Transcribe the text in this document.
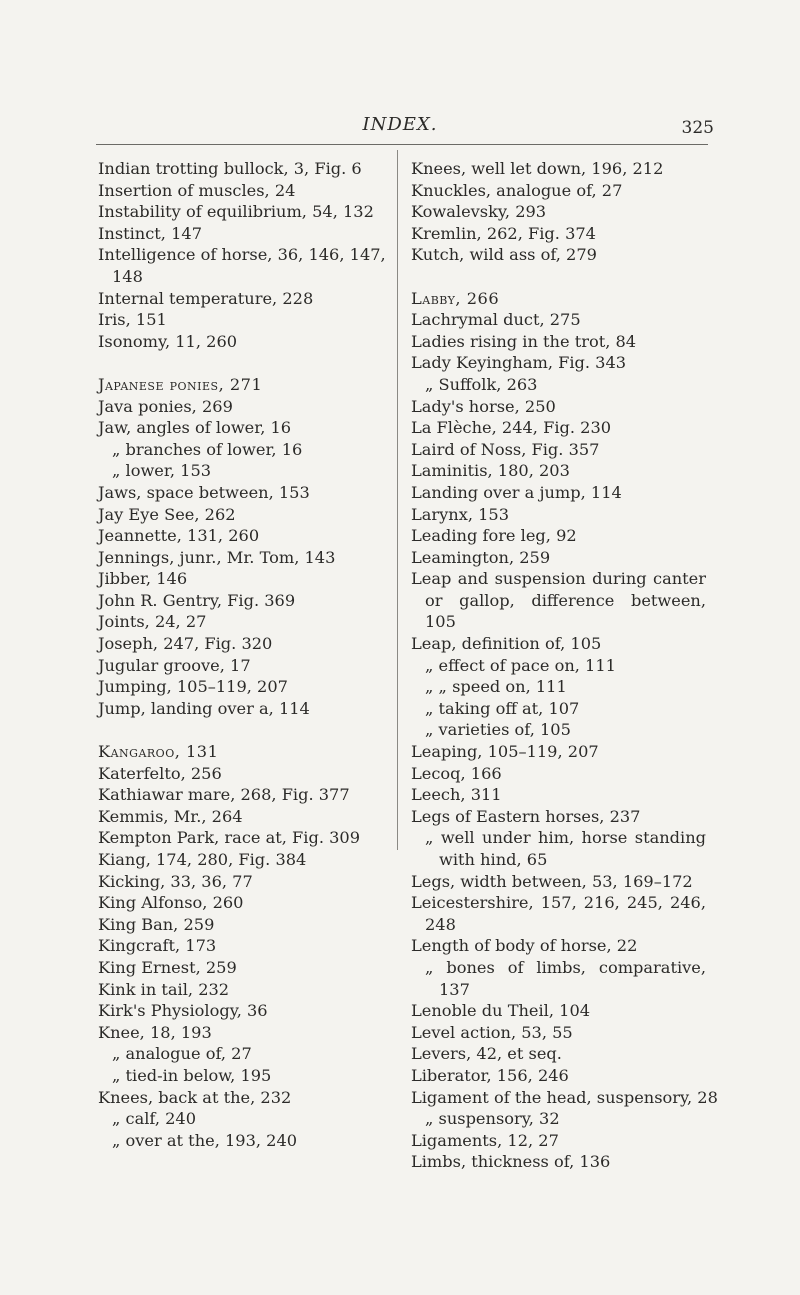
INDEX.	325
Indian trotting bullock, 3, Fig. 6
Insertion of muscles, 24
Instability of equilibrium, 54, 132
Instinct, 147
Intelligence of horse, 36, 146, 147,
148
Internal temperature, 228
Iris, 151
Isonomy, 11, 260
Japanese ponies, 271
Java ponies, 269
Jaw, angles of lower, 16
„ branches of lower, 16
„ lower, 153
Jaws, space between, 153
Jay Eye See, 262
Jeannette, 131, 260
Jennings, junr., Mr. Tom, 143
Jibber, 146
John R. Gentry, Fig. 369
Joints, 24, 27
Joseph, 247, Fig. 320
Jugular groove, 17
Jumping, 105–119, 207
Jump, landing over a, 114
Kangaroo, 131
Katerfelto, 256
Kathiawar mare, 268, Fig. 377
Kemmis, Mr., 264
Kempton Park, race at, Fig. 309
Kiang, 174, 280, Fig. 384
Kicking, 33, 36, 77
King Alfonso, 260
King Ban, 259
Kingcraft, 173
King Ernest, 259
Kink in tail, 232
Kirk's Physiology, 36
Knee, 18, 193
„ analogue of, 27
„ tied-in below, 195
Knees, back at the, 232
„ calf, 240
„ over at the, 193, 240
Knees, well let down, 196, 212
Knuckles, analogue of, 27
Kowalevsky, 293
Kremlin, 262, Fig. 374
Kutch, wild ass of, 279
Labby, 266
Lachrymal duct, 275
Ladies rising in the trot, 84
Lady Keyingham, Fig. 343
„ Suffolk, 263
Lady's horse, 250
La Flèche, 244, Fig. 230
Laird of Noss, Fig. 357
Laminitis, 180, 203
Landing over a jump, 114
Larynx, 153
Leading fore leg, 92
Leamington, 259
Leap and suspension during canter or gallop, difference between, 105
Leap, definition of, 105
„ effect of pace on, 111
„ „ speed on, 111
„ taking off at, 107
„ varieties of, 105
Leaping, 105–119, 207
Lecoq, 166
Leech, 311
Legs of Eastern horses, 237
„ well under him, horse standing with hind, 65
Legs, width between, 53, 169–172
Leicestershire, 157, 216, 245, 246, 248
Length of body of horse, 22
„ bones of limbs, comparative, 137
Lenoble du Theil, 104
Level action, 53, 55
Levers, 42, et seq.
Liberator, 156, 246
Ligament of the head, suspensory, 28
„ suspensory, 32
Ligaments, 12, 27
Limbs, thickness of, 136
